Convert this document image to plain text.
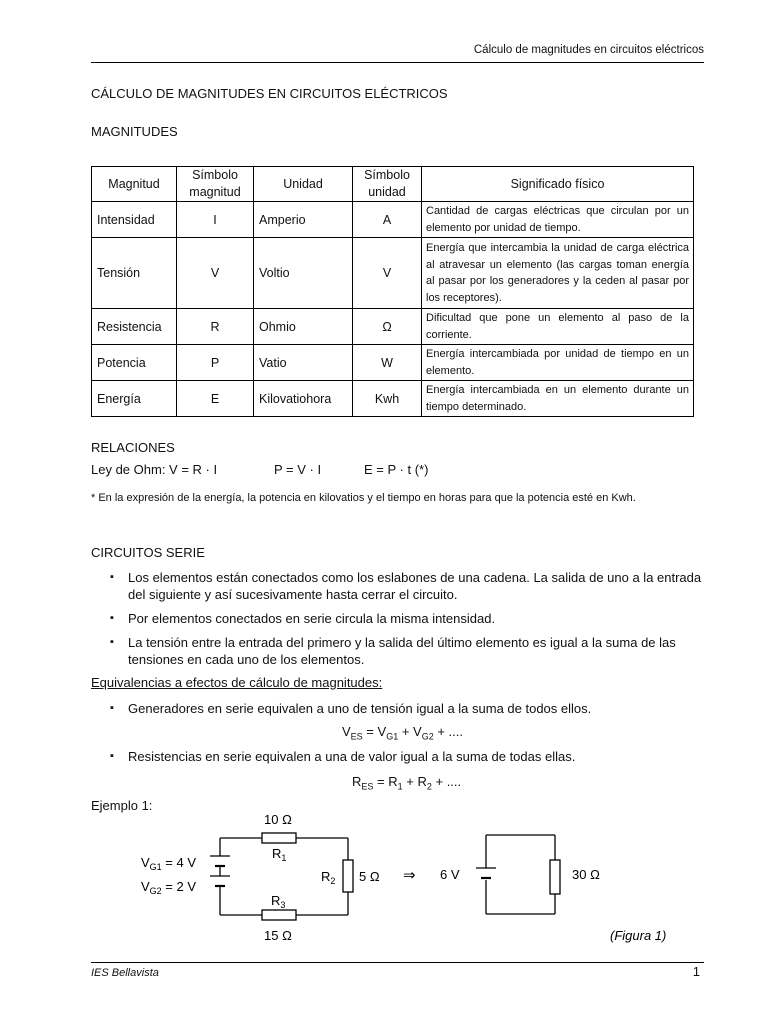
Cálculo de magnitudes en circuitos eléctricos
CÁLCULO DE MAGNITUDES EN CIRCUITOS ELÉCTRICOS
MAGNITUDES
Magnitud	Símbolo magnitud	Unidad	Símbolo unidad	Significado físico
Intensidad	I	Amperio	A	Cantidad de cargas eléctricas que circulan por un elemento por unidad de tiempo.
Tensión	V	Voltio	V	Energía que intercambia la unidad de carga eléctrica al atravesar un elemento (las cargas toman energía al pasar por los generadores y la ceden al pasar por los receptores).
Resistencia	R	Ohmio	Ω	Dificultad que pone un elemento al paso de la corriente.
Potencia	P	Vatio	W	Energía intercambiada por unidad de tiempo en un elemento.
Energía	E	Kilovatiohora	Kwh	Energía intercambiada en un elemento durante un tiempo determinado.
RELACIONES
Ley de Ohm: V = R · I	P = V · I	E = P · t (*)
* En la expresión de la energía, la potencia en kilovatios y el tiempo en horas para que la potencia esté en Kwh.
CIRCUITOS SERIE
▪ Los elementos están conectados como los eslabones de una cadena. La salida de uno a la entrada del siguiente y así sucesivamente hasta cerrar el circuito.
▪ Por elementos conectados en serie circula la misma intensidad.
▪ La tensión entre la entrada del primero y la salida del último elemento es igual a la suma de las tensiones en cada uno de los elementos.
Equivalencias a efectos de cálculo de magnitudes:
▪ Generadores en serie equivalen a uno de tensión igual a la suma de todos ellos.
$V_{ES} = V_{G1} + V_{G2}$ + ....
▪ Resistencias en serie equivalen a una de valor igual a la suma de todas ellas.
$R_{ES} = R_1 + R_2$ + ....
Ejemplo 1:
10 Ω
$R_1$
$V_{G1} = 4$ V
$V_{G2} = 2$ V
$R_2$ 5 Ω ⇒ 6 V	30 Ω
$R_3$
15 Ω	(Figura 1)
IES Bellavista	1
